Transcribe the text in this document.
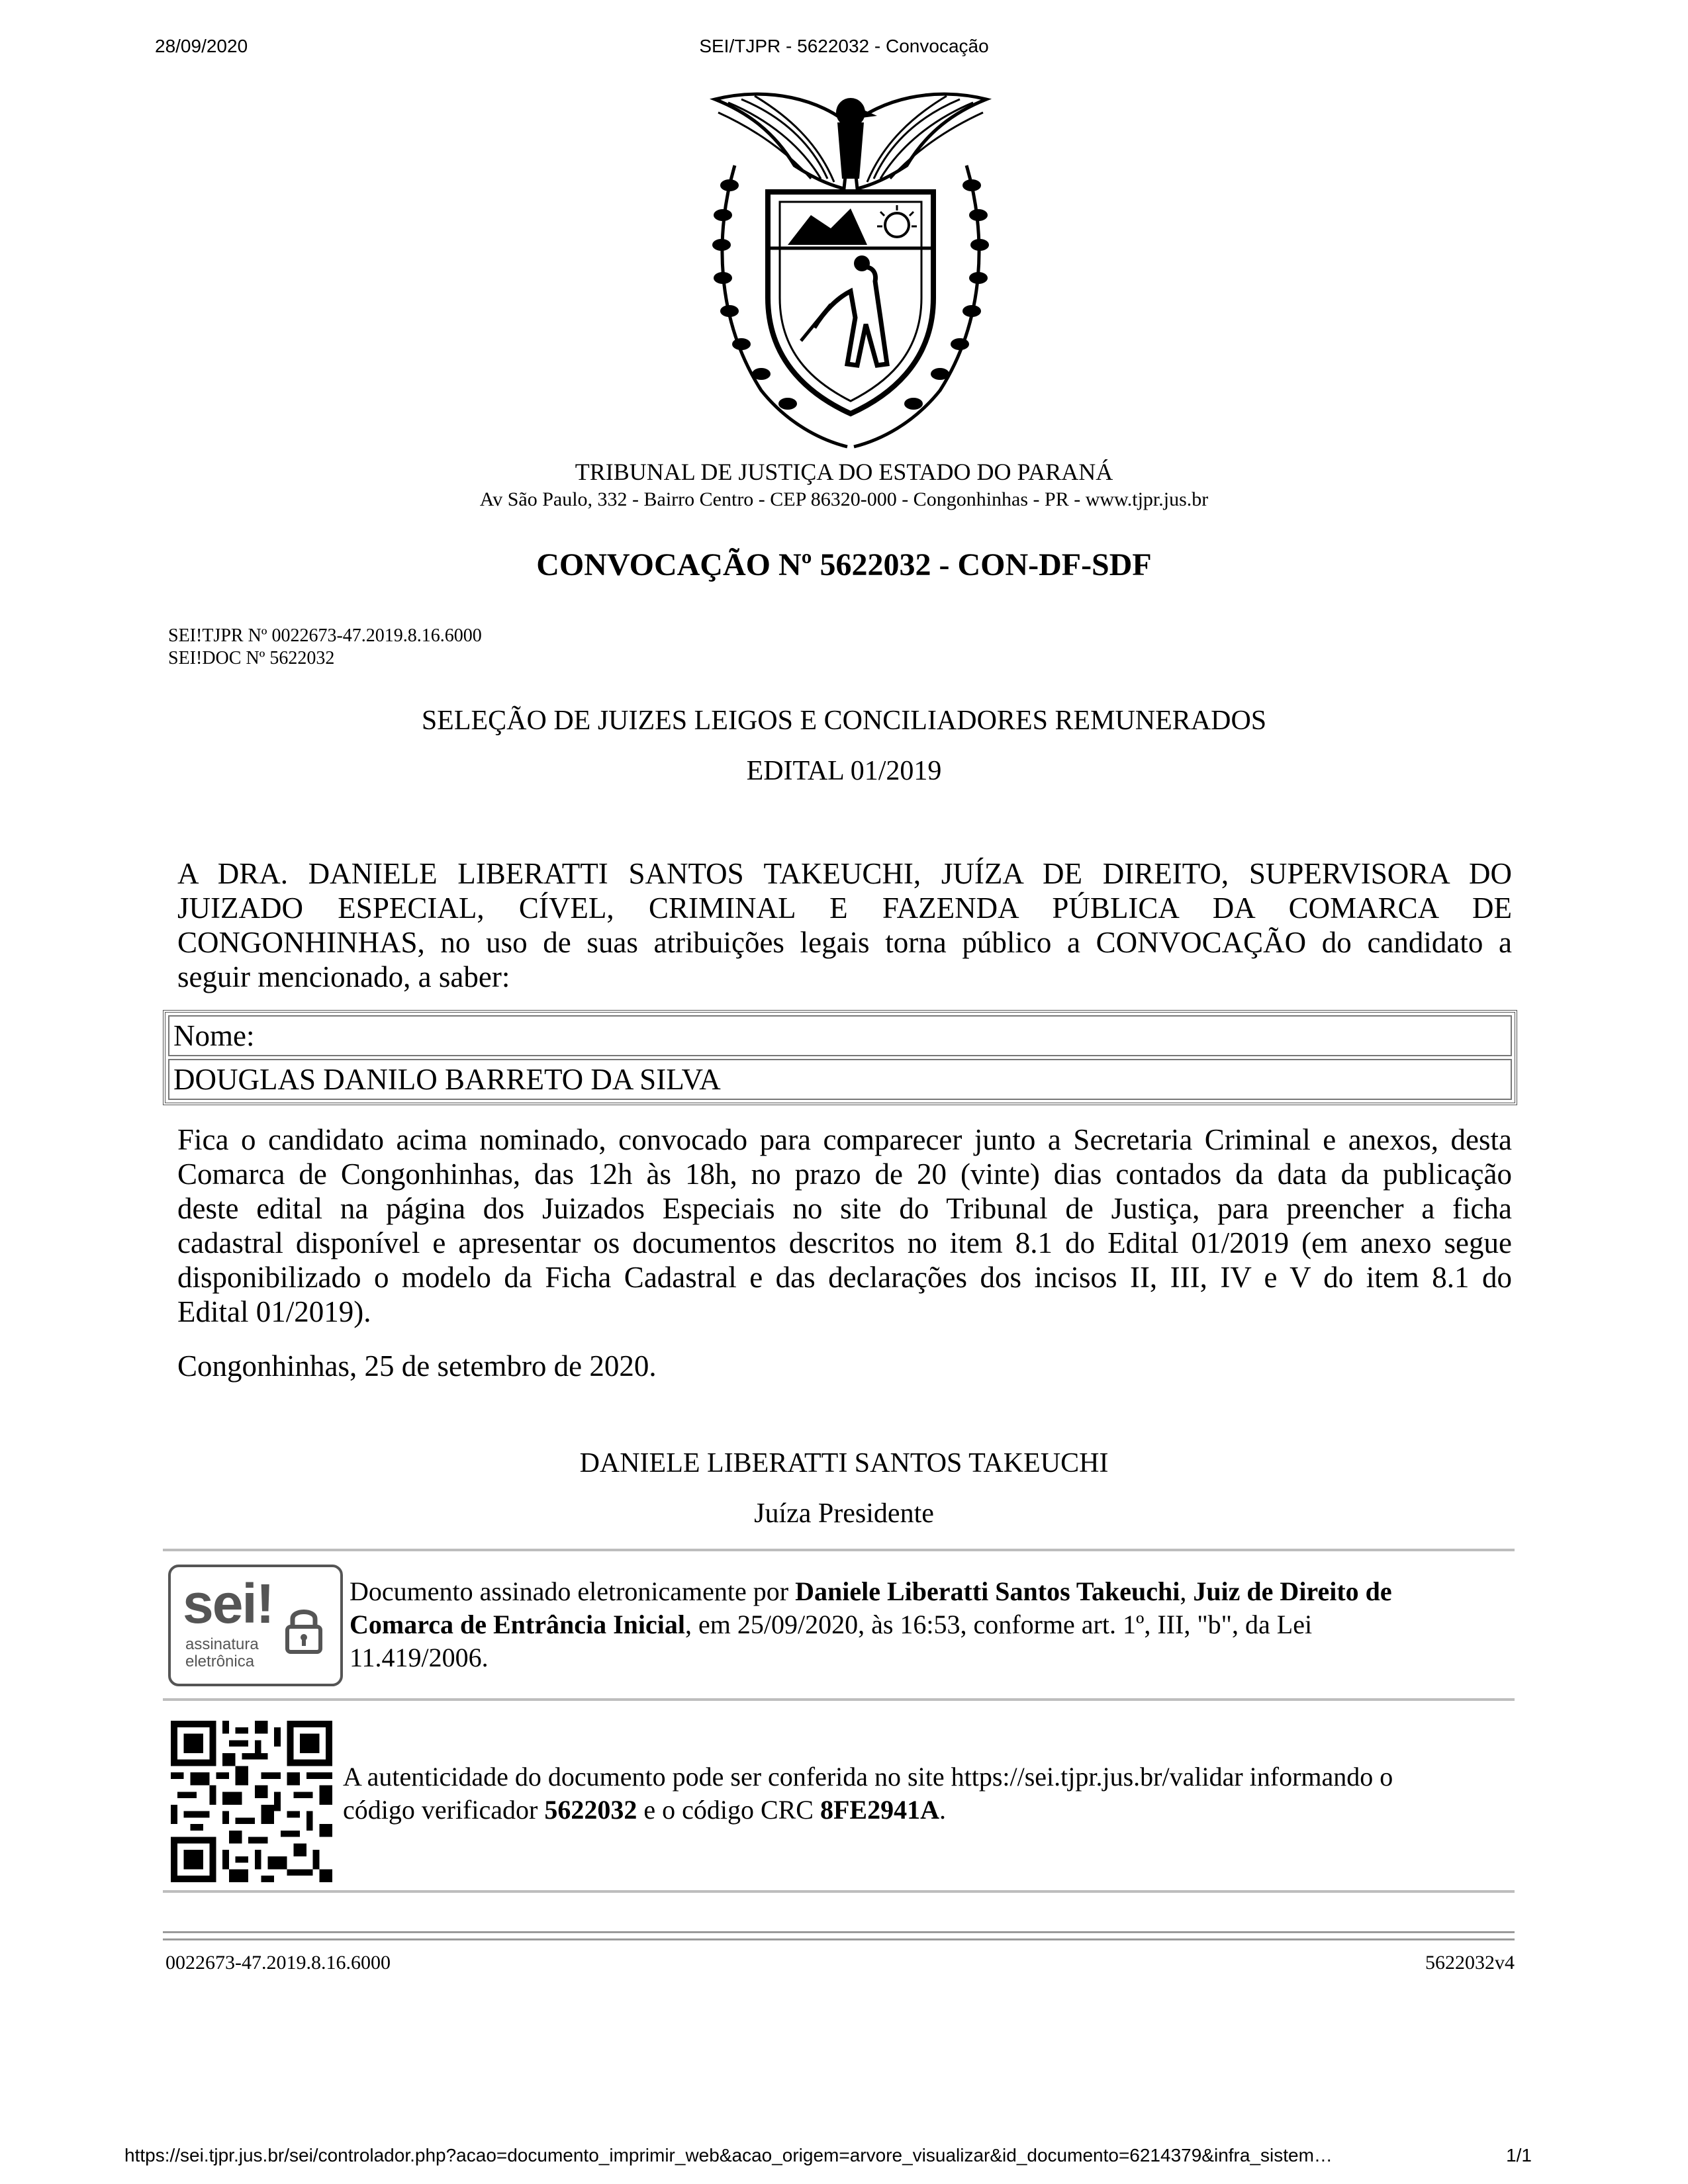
28/09/2020	SEI/TJPR - 5622032 - Convocação
TRIBUNAL DE JUSTIÇA DO ESTADO DO PARANÁ
Av São Paulo, 332 - Bairro Centro - CEP 86320-000 - Congonhinhas - PR - www.tjpr.jus.br
CONVOCAÇÃO Nº 5622032 - CON-DF-SDF
SEI!TJPR Nº 0022673-47.2019.8.16.6000
SEI!DOC Nº 5622032
SELEÇÃO DE JUIZES LEIGOS E CONCILIADORES REMUNERADOS
EDITAL 01/2019
A DRA. DANIELE LIBERATTI SANTOS TAKEUCHI, JUÍZA DE DIREITO, SUPERVISORA DO
JUIZADO ESPECIAL, CÍVEL, CRIMINAL E FAZENDA PÚBLICA DA COMARCA DE
CONGONHINHAS, no uso de suas atribuições legais torna público a CONVOCAÇÃO do candidato a
seguir mencionado, a saber:
Nome:
DOUGLAS DANILO BARRETO DA SILVA
Fica o candidato acima nominado, convocado para comparecer junto a Secretaria Criminal e anexos, desta
Comarca de Congonhinhas, das 12h às 18h, no prazo de 20 (vinte) dias contados da data da publicação
deste edital na página dos Juizados Especiais no site do Tribunal de Justiça, para preencher a ficha
cadastral disponível e apresentar os documentos descritos no item 8.1 do Edital 01/2019 (em anexo segue
disponibilizado o modelo da Ficha Cadastral e das declarações dos incisos II, III, IV e V do item 8.1 do
Edital 01/2019).
Congonhinhas, 25 de setembro de 2020.
DANIELE LIBERATTI SANTOS TAKEUCHI
Juíza Presidente
sei!
assinatura
eletrônica
Documento assinado eletronicamente por Daniele Liberatti Santos Takeuchi, Juiz de Direito de
Comarca de Entrância Inicial, em 25/09/2020, às 16:53, conforme art. 1º, III, "b", da Lei
11.419/2006.
A autenticidade do documento pode ser conferida no site https://sei.tjpr.jus.br/validar informando o
código verificador 5622032 e o código CRC 8FE2941A.
0022673-47.2019.8.16.6000	5622032v4
https://sei.tjpr.jus.br/sei/controlador.php?acao=documento_imprimir_web&acao_origem=arvore_visualizar&id_documento=6214379&infra_sistem…	1/1
